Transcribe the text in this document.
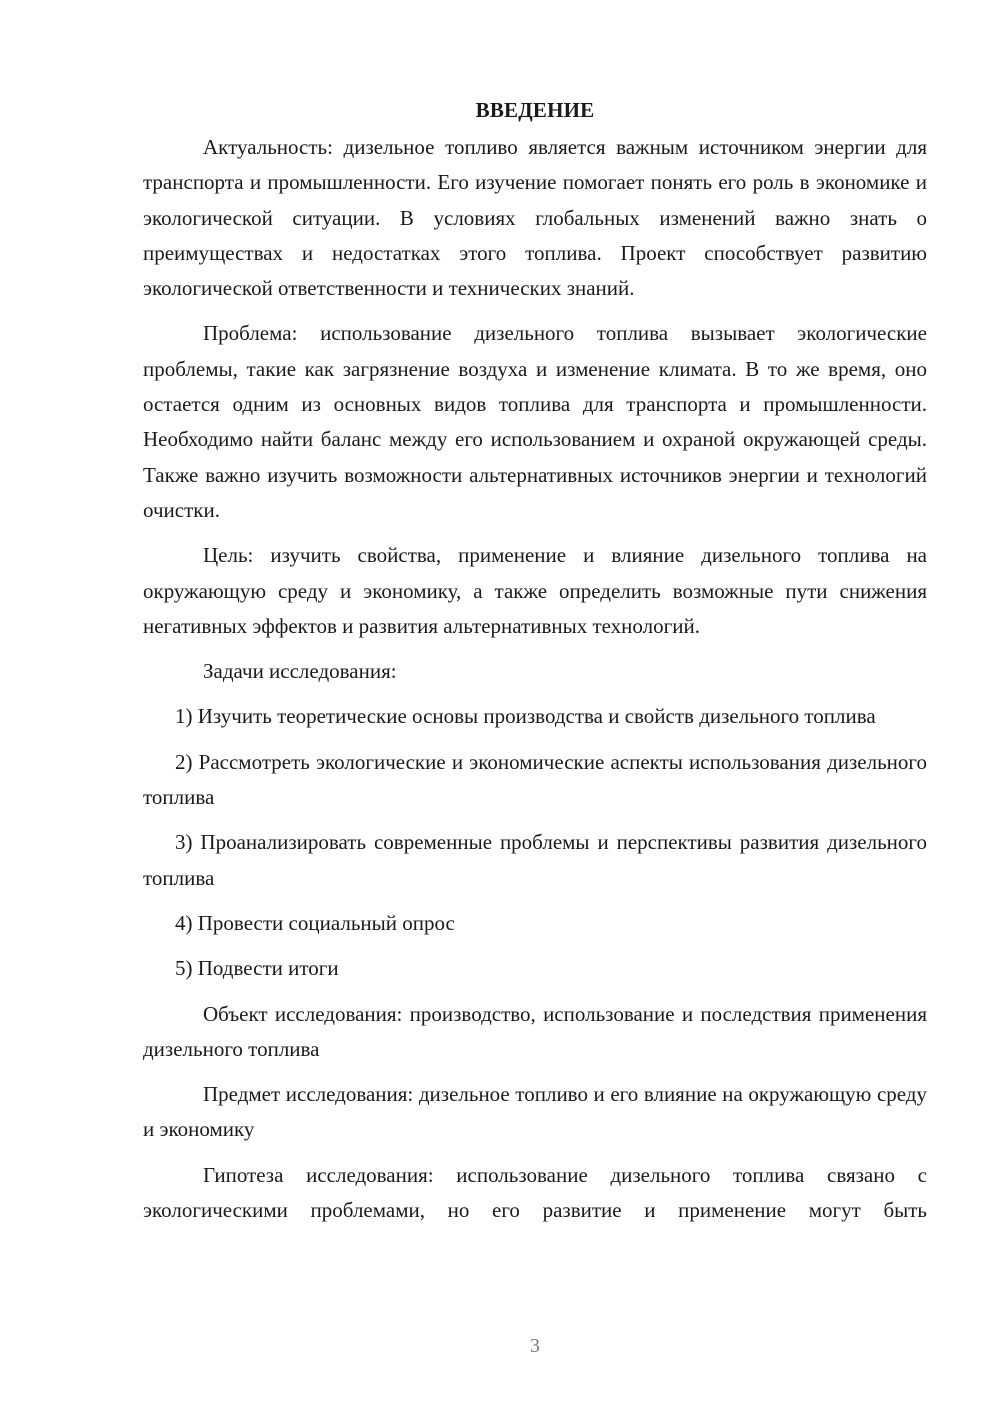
ВВЕДЕНИЕ

Актуальность: дизельное топливо является важным источником энергии для транспорта и промышленности. Его изучение помогает понять его роль в экономике и экологической ситуации. В условиях глобальных изменений важно знать о преимуществах и недостатках этого топлива. Проект способствует развитию экологической ответственности и технических знаний.

Проблема: использование дизельного топлива вызывает экологические проблемы, такие как загрязнение воздуха и изменение климата. В то же время, оно остается одним из основных видов топлива для транспорта и промышленности. Необходимо найти баланс между его использованием и охраной окружающей среды. Также важно изучить возможности альтернативных источников энергии и технологий очистки.

Цель: изучить свойства, применение и влияние дизельного топлива на окружающую среду и экономику, а также определить возможные пути снижения негативных эффектов и развития альтернативных технологий.

Задачи исследования:

1) Изучить теоретические основы производства и свойств дизельного топлива

2) Рассмотреть экологические и экономические аспекты использования дизельного топлива

3) Проанализировать современные проблемы и перспективы развития дизельного топлива

4) Провести социальный опрос

5) Подвести итоги

Объект исследования: производство, использование и последствия применения дизельного топлива

Предмет исследования: дизельное топливо и его влияние на окружающую среду и экономику

Гипотеза исследования: использование дизельного топлива связано с экологическими проблемами, но его развитие и применение могут быть

3
